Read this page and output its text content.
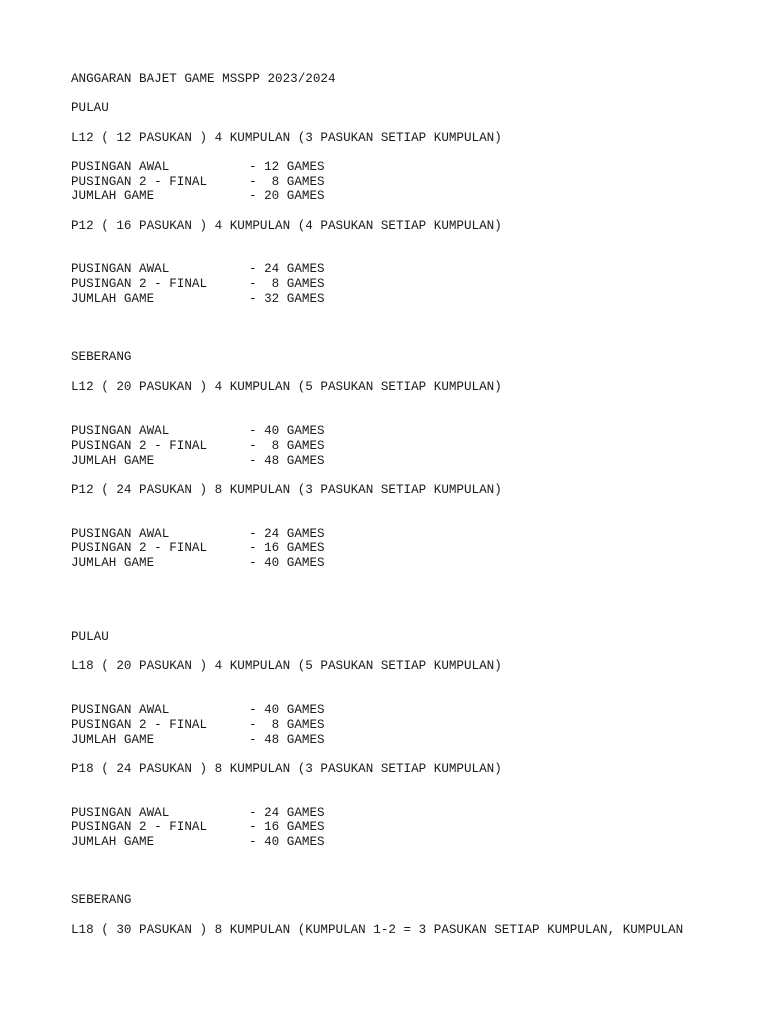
ANGGARAN BAJET GAME MSSPP 2023/2024
PULAU
L12 ( 12 PASUKAN ) 4 KUMPULAN (3 PASUKAN SETIAP KUMPULAN)
PUSINGAN AWAL	- 12 GAMES
PUSINGAN 2 - FINAL	-  8 GAMES
JUMLAH GAME	- 20 GAMES
P12 ( 16 PASUKAN ) 4 KUMPULAN (4 PASUKAN SETIAP KUMPULAN)
PUSINGAN AWAL	- 24 GAMES
PUSINGAN 2 - FINAL	-  8 GAMES
JUMLAH GAME	- 32 GAMES
SEBERANG
L12 ( 20 PASUKAN ) 4 KUMPULAN (5 PASUKAN SETIAP KUMPULAN)
PUSINGAN AWAL	- 40 GAMES
PUSINGAN 2 - FINAL	-  8 GAMES
JUMLAH GAME	- 48 GAMES
P12 ( 24 PASUKAN ) 8 KUMPULAN (3 PASUKAN SETIAP KUMPULAN)
PUSINGAN AWAL	- 24 GAMES
PUSINGAN 2 - FINAL	- 16 GAMES
JUMLAH GAME	- 40 GAMES
PULAU
L18 ( 20 PASUKAN ) 4 KUMPULAN (5 PASUKAN SETIAP KUMPULAN)
PUSINGAN AWAL	- 40 GAMES
PUSINGAN 2 - FINAL	-  8 GAMES
JUMLAH GAME	- 48 GAMES
P18 ( 24 PASUKAN ) 8 KUMPULAN (3 PASUKAN SETIAP KUMPULAN)
PUSINGAN AWAL	- 24 GAMES
PUSINGAN 2 - FINAL	- 16 GAMES
JUMLAH GAME	- 40 GAMES
SEBERANG
L18 ( 30 PASUKAN ) 8 KUMPULAN (KUMPULAN 1-2 = 3 PASUKAN SETIAP KUMPULAN, KUMPULAN
